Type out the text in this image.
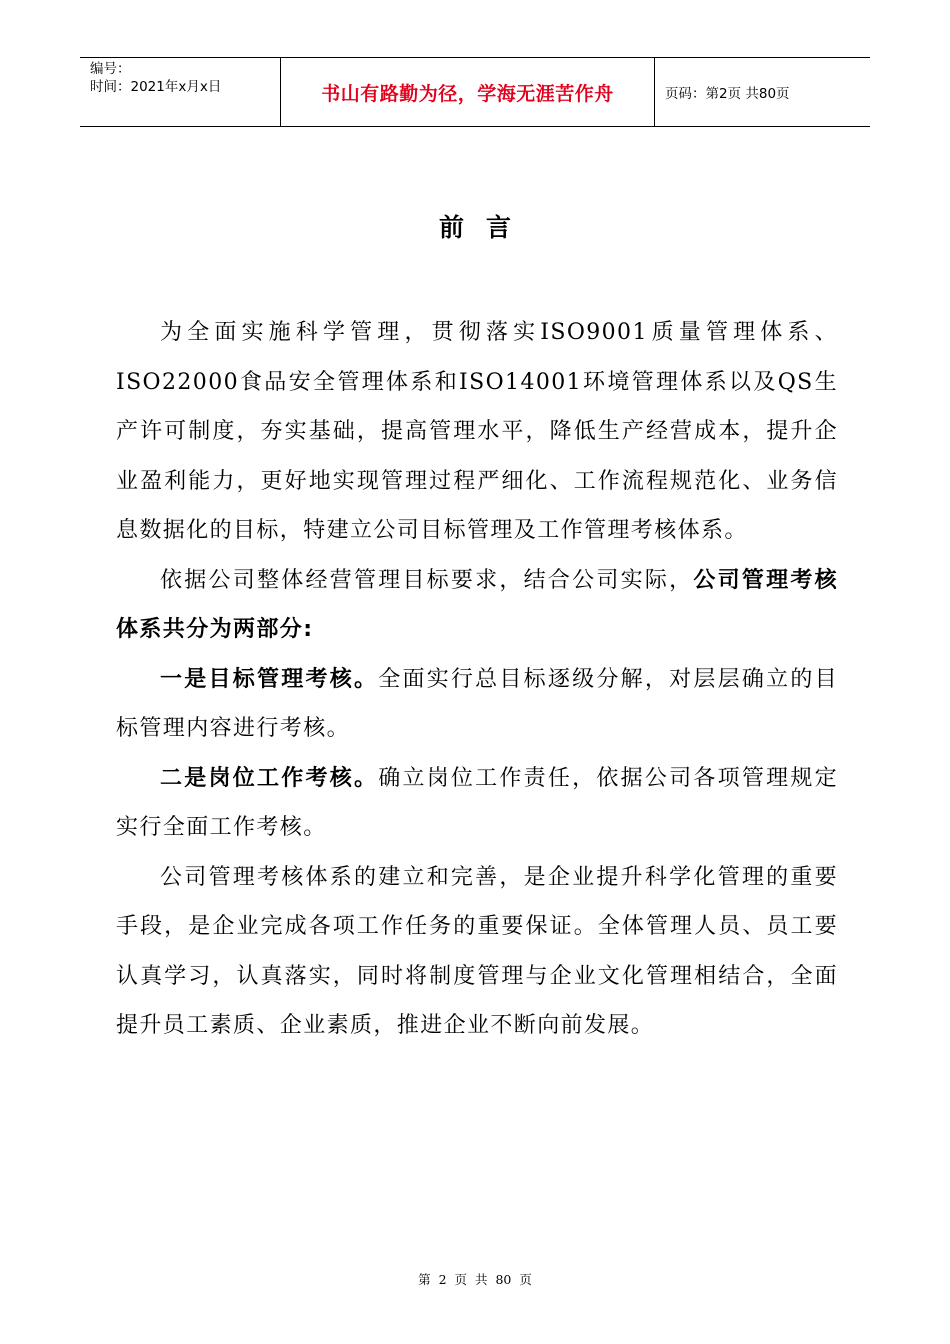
编号：
时间：2021年x月x日	书山有路勤为径，学海无涯苦作舟	页码：第2页 共80页
前言

为全面实施科学管理，贯彻落实ISO9001质量管理体系、ISO22000食品安全管理体系和ISO14001环境管理体系以及QS生产许可制度，夯实基础，提高管理水平，降低生产经营成本，提升企业盈利能力，更好地实现管理过程严细化、工作流程规范化、业务信息数据化的目标，特建立公司目标管理及工作管理考核体系。

依据公司整体经营管理目标要求，结合公司实际，公司管理考核体系共分为两部分:

一是目标管理考核。全面实行总目标逐级分解，对层层确立的目标管理内容进行考核。

二是岗位工作考核。确立岗位工作责任，依据公司各项管理规定实行全面工作考核。

公司管理考核体系的建立和完善，是企业提升科学化管理的重要手段，是企业完成各项工作任务的重要保证。全体管理人员、员工要认真学习，认真落实，同时将制度管理与企业文化管理相结合，全面提升员工素质、企业素质，推进企业不断向前发展。

第 2 页 共 80 页
